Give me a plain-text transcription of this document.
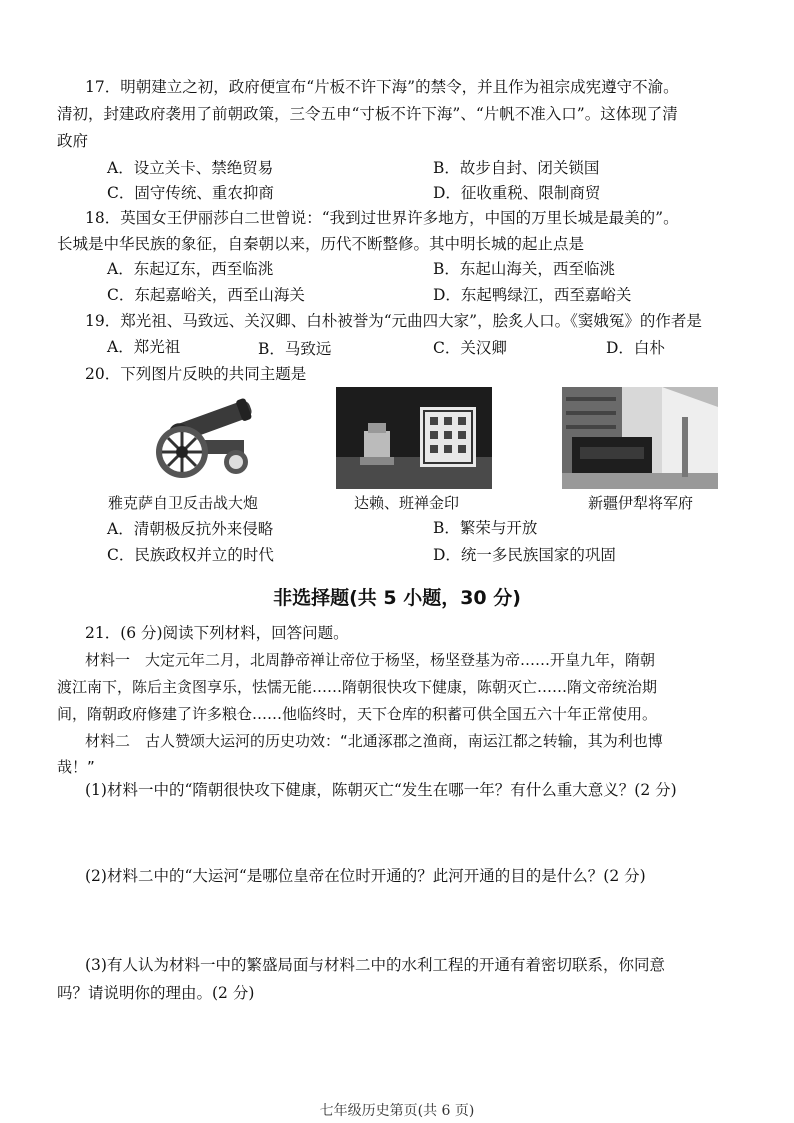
17．明朝建立之初，政府便宣布“片板不许下海”的禁令，并且作为祖宗成宪遵守不渝。
清初，封建政府袭用了前朝政策，三令五申“寸板不许下海”、“片帆不准入口”。这体现了清
政府
A．设立关卡、禁绝贸易	B．故步自封、闭关锁国
C．固守传统、重农抑商	D．征收重税、限制商贸
18．英国女王伊丽莎白二世曾说：“我到过世界许多地方，中国的万里长城是最美的”。
长城是中华民族的象征，自秦朝以来，历代不断整修。其中明长城的起止点是
A．东起辽东，西至临洮	B．东起山海关，西至临洮
C．东起嘉峪关，西至山海关	D．东起鸭绿江，西至嘉峪关
19．郑光祖、马致远、关汉卿、白朴被誉为“元曲四大家”，脍炙人口。《窦娥冤》的作者是
A．郑光祖	B．马致远	C．关汉卿	D．白朴
20．下列图片反映的共同主题是
雅克萨自卫反击战大炮	达赖、班禅金印	新疆伊犁将军府
A．清朝极反抗外来侵略	B．繁荣与开放
C．民族政权并立的时代	D．统一多民族国家的巩固
非选择题(共 5 小题，30 分)
21．(6 分)阅读下列材料，回答问题。
材料一　大定元年二月，北周静帝禅让帝位于杨坚，杨坚登基为帝……开皇九年，隋朝
渡江南下，陈后主贪图享乐，怯懦无能……隋朝很快攻下健康，陈朝灭亡……隋文帝统治期
间，隋朝政府修建了许多粮仓……他临终时，天下仓库的积蓄可供全国五六十年正常使用。
材料二　古人赞颂大运河的历史功效：“北通涿郡之渔商，南运江都之转输，其为利也博
哉！”
(1)材料一中的“隋朝很快攻下健康，陈朝灭亡“发生在哪一年？有什么重大意义？(2 分)
(2)材料二中的“大运河“是哪位皇帝在位时开通的？此河开通的目的是什么？(2 分)
(3)有人认为材料一中的繁盛局面与材料二中的水利工程的开通有着密切联系，你同意
吗？请说明你的理由。(2 分)
七年级历史第页(共 6 页)
